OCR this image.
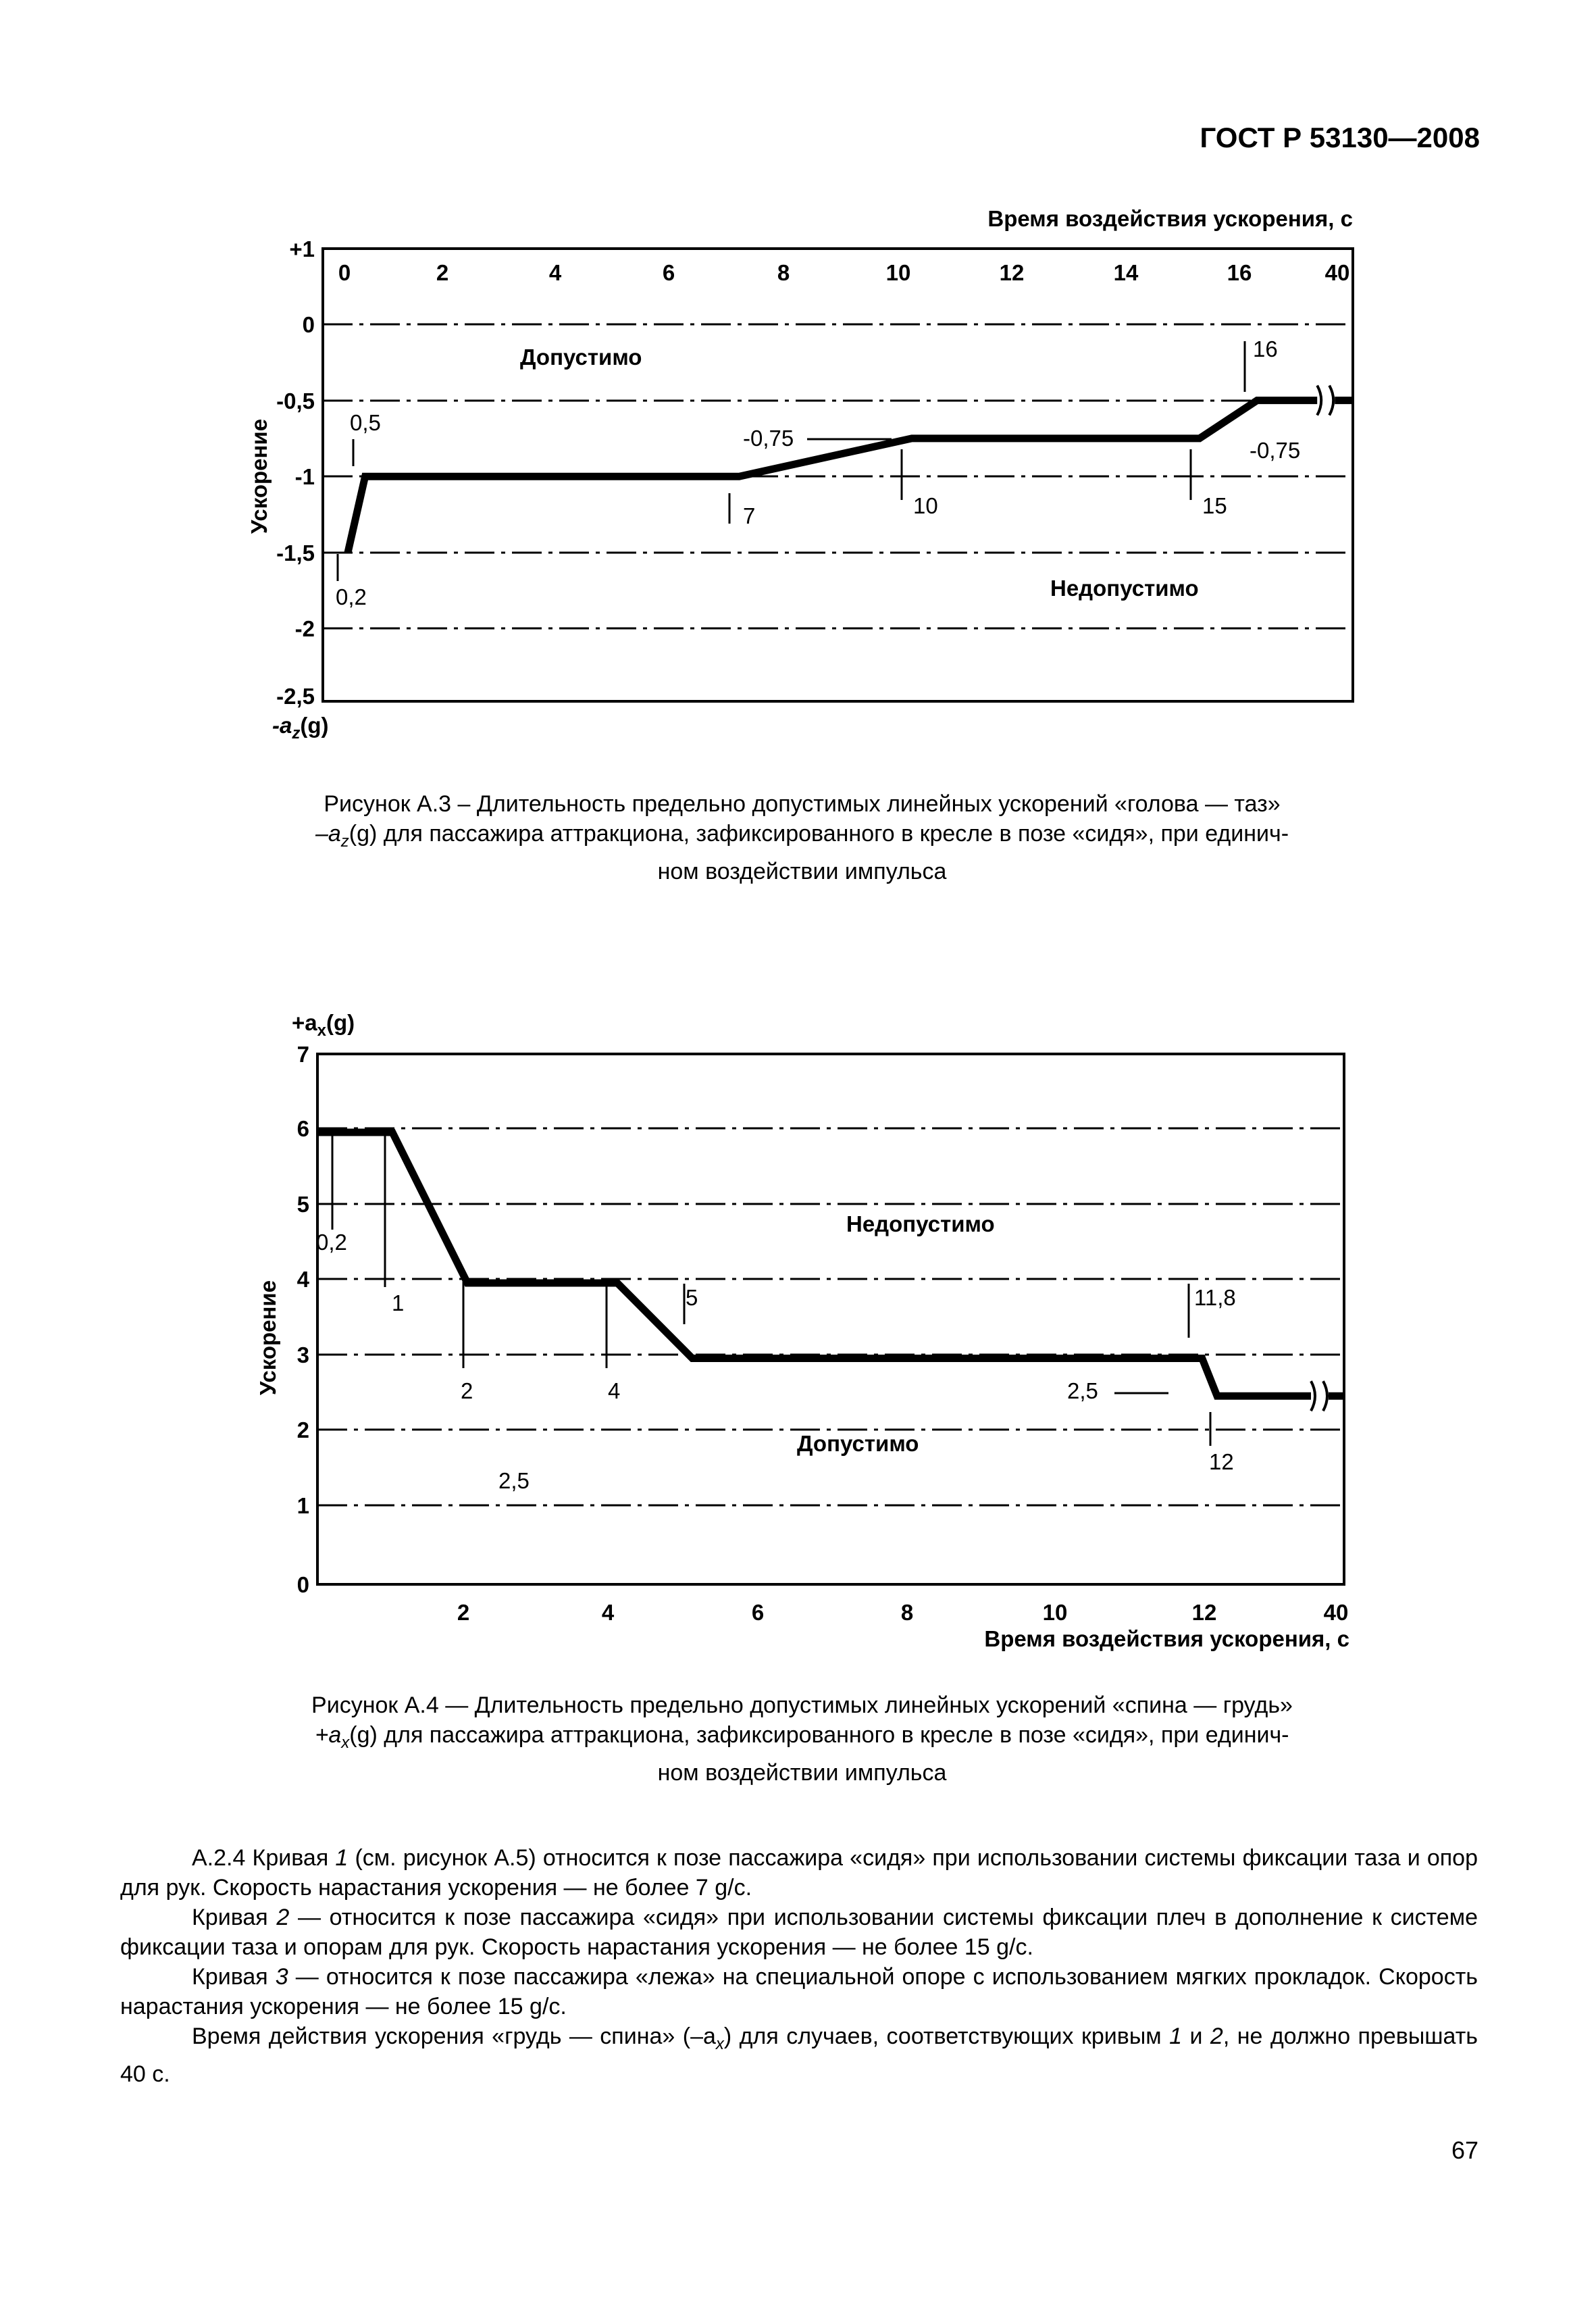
ГОСТ Р 53130—2008
+1
0
-0,5
-1
-1,5
-2
-2,5
0	2	4	6	8	10	12	14	16	40
0,2
0,5
7
-0,75
10	15
-0,75
16
Время воздействия ускорения, с
Ускорение
$-a_z(g)$
Допустимо
Недопустимо
Рисунок А.3 – Длительность предельно допустимых линейных ускорений «голова — таз»
$-a_z(g)$ для пассажира аттракциона, зафиксированного в кресле в позе «сидя», при единич-
ном воздействии импульса
7
6
5
4
3
2
1
0
2	4	6	8	10	12	40
0,2
1
2	4
5	11,8
2,5
12
2,5
Время воздействия ускорения, с
Ускорение
$+a_x(g)$
Недопустимо
Допустимо
Рисунок А.4 — Длительность предельно допустимых линейных ускорений «спина — грудь»
$+a_x(g)$ для пассажира аттракциона, зафиксированного в кресле в позе «сидя», при единич-
ном воздействии импульса

А.2.4 Кривая 1 (см. рисунок А.5) относится к позе пассажира «сидя» при использовании системы фиксации таза и опор для рук. Скорость нарастания ускорения — не более 7 g/c.

Кривая 2 — относится к позе пассажира «сидя» при использовании системы фиксации плеч в дополнение к системе фиксации таза и опорам для рук. Скорость нарастания ускорения — не более 15 g/c.

Кривая 3 — относится к позе пассажира «лежа» на специальной опоре с использованием мягких прокладок. Скорость нарастания ускорения — не более 15 g/c.

Время действия ускорения «грудь — спина» $(-a_x)$ для случаев, соответствующих кривым 1 и 2, не должно превышать 40 с.

67
